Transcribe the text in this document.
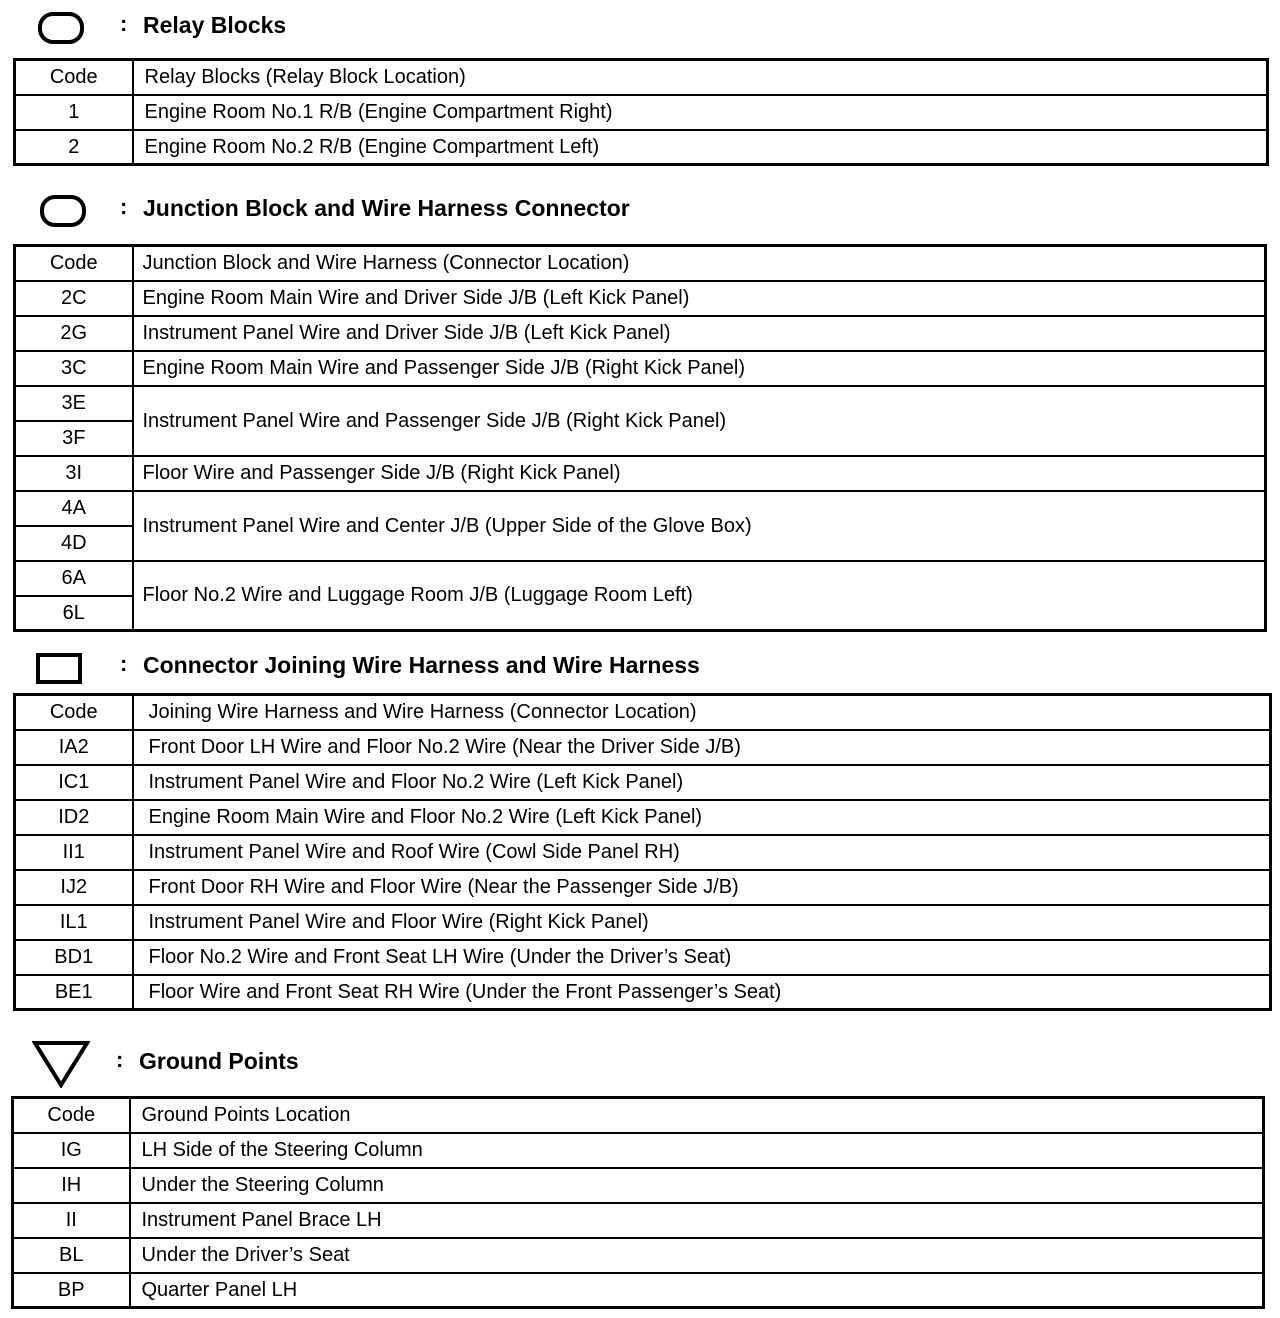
: Relay Blocks
Code	Relay Blocks (Relay Block Location)
1	Engine Room No.1 R/B (Engine Compartment Right)
2	Engine Room No.2 R/B (Engine Compartment Left)
: Junction Block and Wire Harness Connector
Code	Junction Block and Wire Harness (Connector Location)
2C	Engine Room Main Wire and Driver Side J/B (Left Kick Panel)
2G	Instrument Panel Wire and Driver Side J/B (Left Kick Panel)
3C	Engine Room Main Wire and Passenger Side J/B (Right Kick Panel)
3E	Instrument Panel Wire and Passenger Side J/B (Right Kick Panel)
3F	
3I	Floor Wire and Passenger Side J/B (Right Kick Panel)
4A	Instrument Panel Wire and Center J/B (Upper Side of the Glove Box)
4D	
6A	Floor No.2 Wire and Luggage Room J/B (Luggage Room Left)
6L	
: Connector Joining Wire Harness and Wire Harness
Code	Joining Wire Harness and Wire Harness (Connector Location)
IA2	Front Door LH Wire and Floor No.2 Wire (Near the Driver Side J/B)
IC1	Instrument Panel Wire and Floor No.2 Wire (Left Kick Panel)
ID2	Engine Room Main Wire and Floor No.2 Wire (Left Kick Panel)
II1	Instrument Panel Wire and Roof Wire (Cowl Side Panel RH)
IJ2	Front Door RH Wire and Floor Wire (Near the Passenger Side J/B)
IL1	Instrument Panel Wire and Floor Wire (Right Kick Panel)
BD1	Floor No.2 Wire and Front Seat LH Wire (Under the Driver’s Seat)
BE1	Floor Wire and Front Seat RH Wire (Under the Front Passenger’s Seat)
: Ground Points
Code	Ground Points Location
IG	LH Side of the Steering Column
IH	Under the Steering Column
II	Instrument Panel Brace LH
BL	Under the Driver’s Seat
BP	Quarter Panel LH
